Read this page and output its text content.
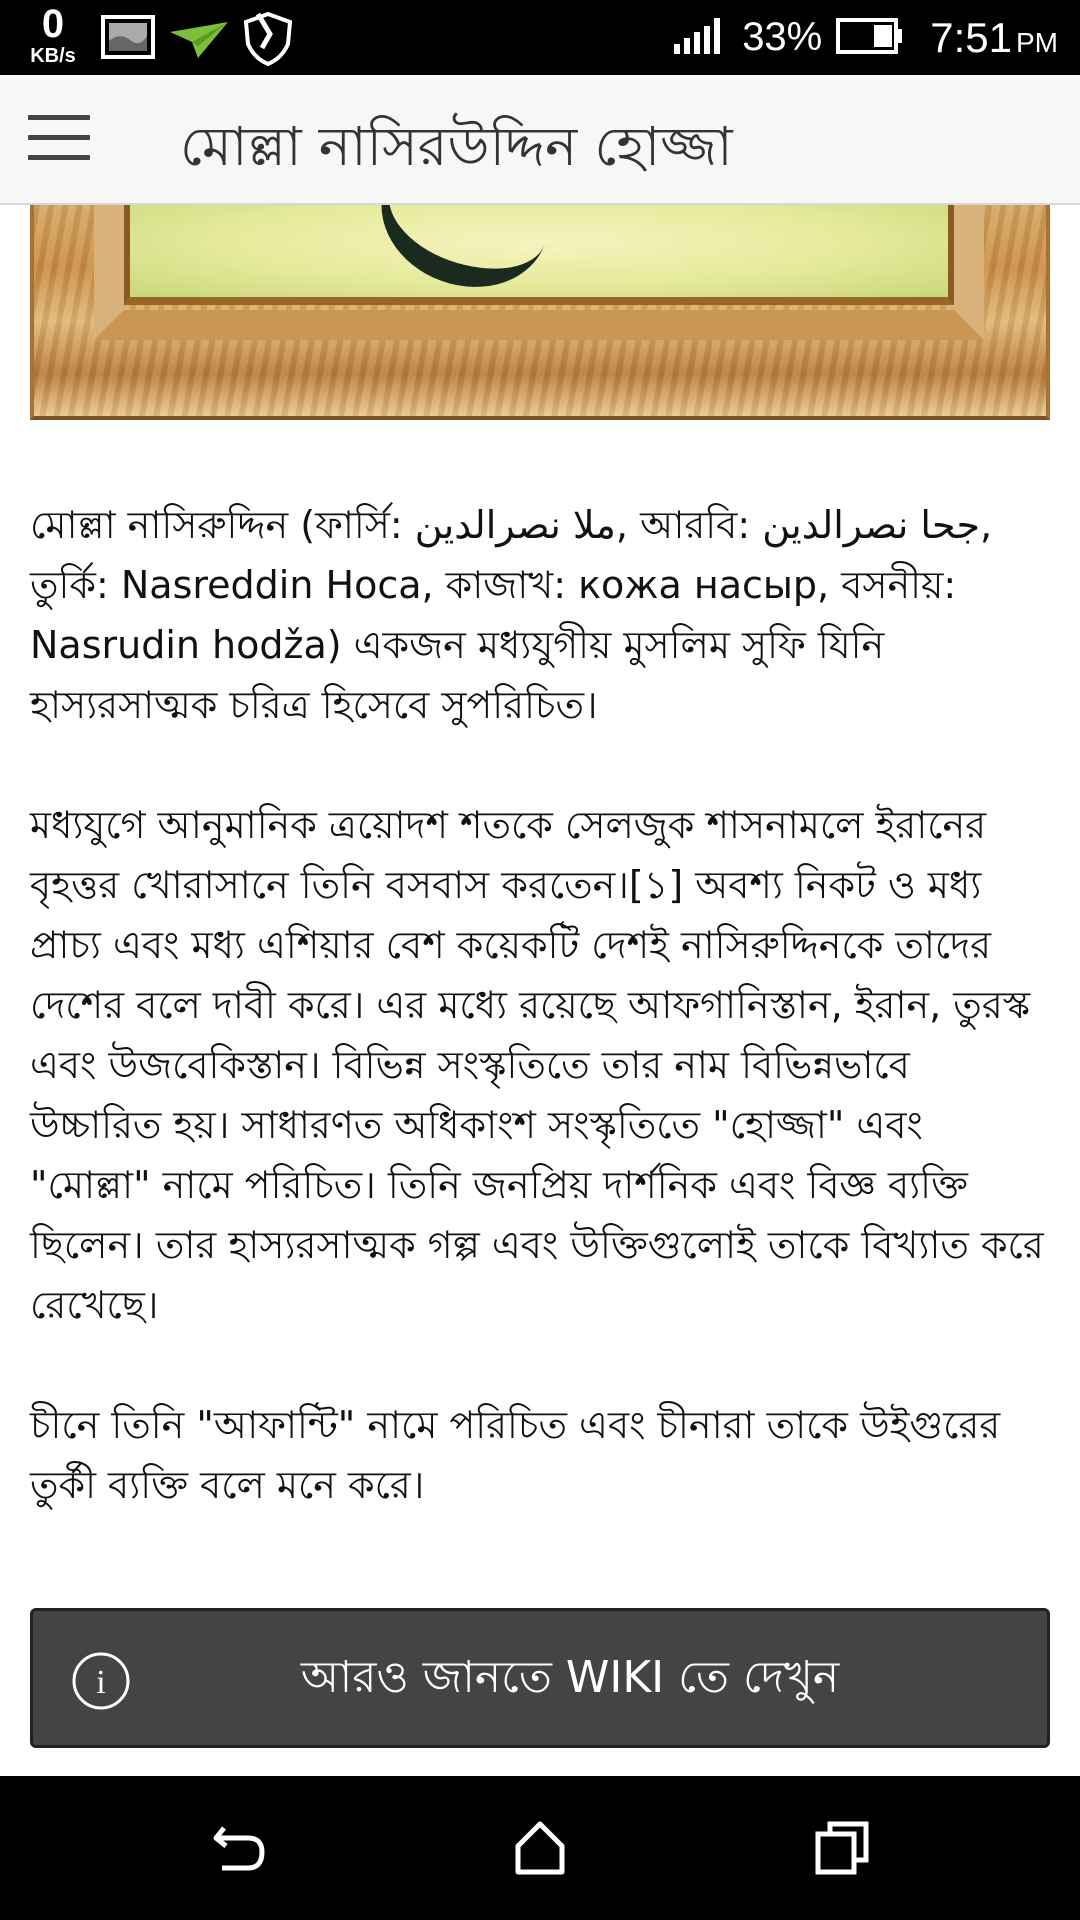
0
KB/s	33%	7:51 PM
মোল্লা নাসিরউদ্দিন হোজ্জা

মোল্লা নাসিরুদ্দিন (ফার্সি: ملا نصرالدين, আরবি: جحا نصرالدين, তুর্কি: Nasreddin Hoca, কাজাখ: кожа насыр, বসনীয়: Nasrudin hodža) একজন মধ্যযুগীয় মুসলিম সুফি যিনি হাস্যরসাত্মক চরিত্র হিসেবে সুপরিচিত।

মধ্যযুগে আনুমানিক ত্রয়োদশ শতকে সেলজুক শাসনামলে ইরানের বৃহত্তর খোরাসানে তিনি বসবাস করতেন।[১] অবশ্য নিকট ও মধ্য প্রাচ্য এবং মধ্য এশিয়ার বেশ কয়েকটি দেশই নাসিরুদ্দিনকে তাদের দেশের বলে দাবী করে। এর মধ্যে রয়েছে আফগানিস্তান, ইরান, তুরস্ক এবং উজবেকিস্তান। বিভিন্ন সংস্কৃতিতে তার নাম বিভিন্নভাবে উচ্চারিত হয়। সাধারণত অধিকাংশ সংস্কৃতিতে "হোজ্জা" এবং "মোল্লা" নামে পরিচিত। তিনি জনপ্রিয় দার্শনিক এবং বিজ্ঞ ব্যক্তি ছিলেন। তার হাস্যরসাত্মক গল্প এবং উক্তিগুলোই তাকে বিখ্যাত করে রেখেছে।

চীনে তিনি "আফান্টি" নামে পরিচিত এবং চীনারা তাকে উইগুরের তুর্কী ব্যক্তি বলে মনে করে।

i	আরও জানতে WIKI তে দেখুন
